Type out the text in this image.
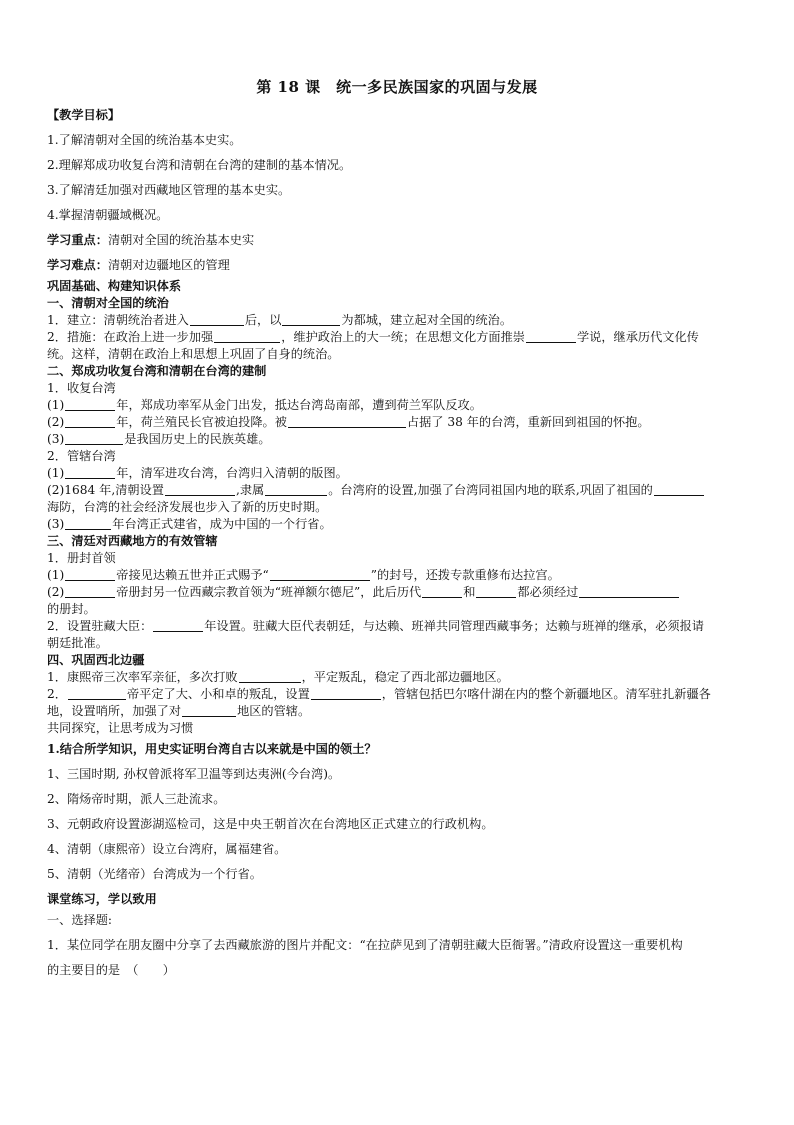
第 18 课　统一多民族国家的巩固与发展
【教学目标】
1.了解清朝对全国的统治基本史实。
2.理解郑成功收复台湾和清朝在台湾的建制的基本情况。
3.了解清廷加强对西藏地区管理的基本史实。
4.掌握清朝疆域概况。
学习重点：清朝对全国的统治基本史实
学习难点：清朝对边疆地区的管理
巩固基础、构建知识体系
一、清朝对全国的统治
1．建立：清朝统治者进入	后，以	为都城，建立起对全国的统治。
2．措施：在政治上进一步加强	，维护政治上的大一统；在思想文化方面推崇	学说，继承历代文化传
统。这样，清朝在政治上和思想上巩固了自身的统治。
二、郑成功收复台湾和清朝在台湾的建制
1．收复台湾
(1)	年，郑成功率军从金门出发，抵达台湾岛南部，遭到荷兰军队反攻。
(2)	年，荷兰殖民长官被迫投降。被	占据了 38 年的台湾，重新回到祖国的怀抱。
(3)	是我国历史上的民族英雄。
2．管辖台湾
(1)	年，清军进攻台湾，台湾归入清朝的版图。
(2)1684 年,清朝设置	,隶属	。台湾府的设置,加强了台湾同祖国内地的联系,巩固了祖国的
海防，台湾的社会经济发展也步入了新的历史时期。
(3)	年台湾正式建省，成为中国的一个行省。
三、清廷对西藏地方的有效管辖
1．册封首领
(1)	帝接见达赖五世并正式赐予“	”的封号，还拨专款重修布达拉宫。
(2)	帝册封另一位西藏宗教首领为“班禅额尔德尼”，此后历代	和	都必须经过
的册封。
2．设置驻藏大臣：	年设置。驻藏大臣代表朝廷，与达赖、班禅共同管理西藏事务；达赖与班禅的继承，必须报请
朝廷批准。
四、巩固西北边疆
1．康熙帝三次率军亲征，多次打败	，平定叛乱，稳定了西北部边疆地区。
2．	帝平定了大、小和卓的叛乱，设置	，管辖包括巴尔喀什湖在内的整个新疆地区。清军驻扎新疆各
地，设置哨所，加强了对	地区的管辖。
共同探究，让思考成为习惯
1.结合所学知识，用史实证明台湾自古以来就是中国的领土？
1、三国时期, 孙权曾派将军卫温等到达夷洲(今台湾)。
2、隋炀帝时期，派人三赴流求。
3、元朝政府设置澎湖巡检司，这是中央王朝首次在台湾地区正式建立的行政机构。
4、清朝（康熙帝）设立台湾府，属福建省。
5、清朝（光绪帝）台湾成为一个行省。
课堂练习，学以致用
一、选择题:
1．某位同学在朋友圈中分享了去西藏旅游的图片并配文：“在拉萨见到了清朝驻藏大臣衙署。”清政府设置这一重要机构
的主要目的是　（　　）
